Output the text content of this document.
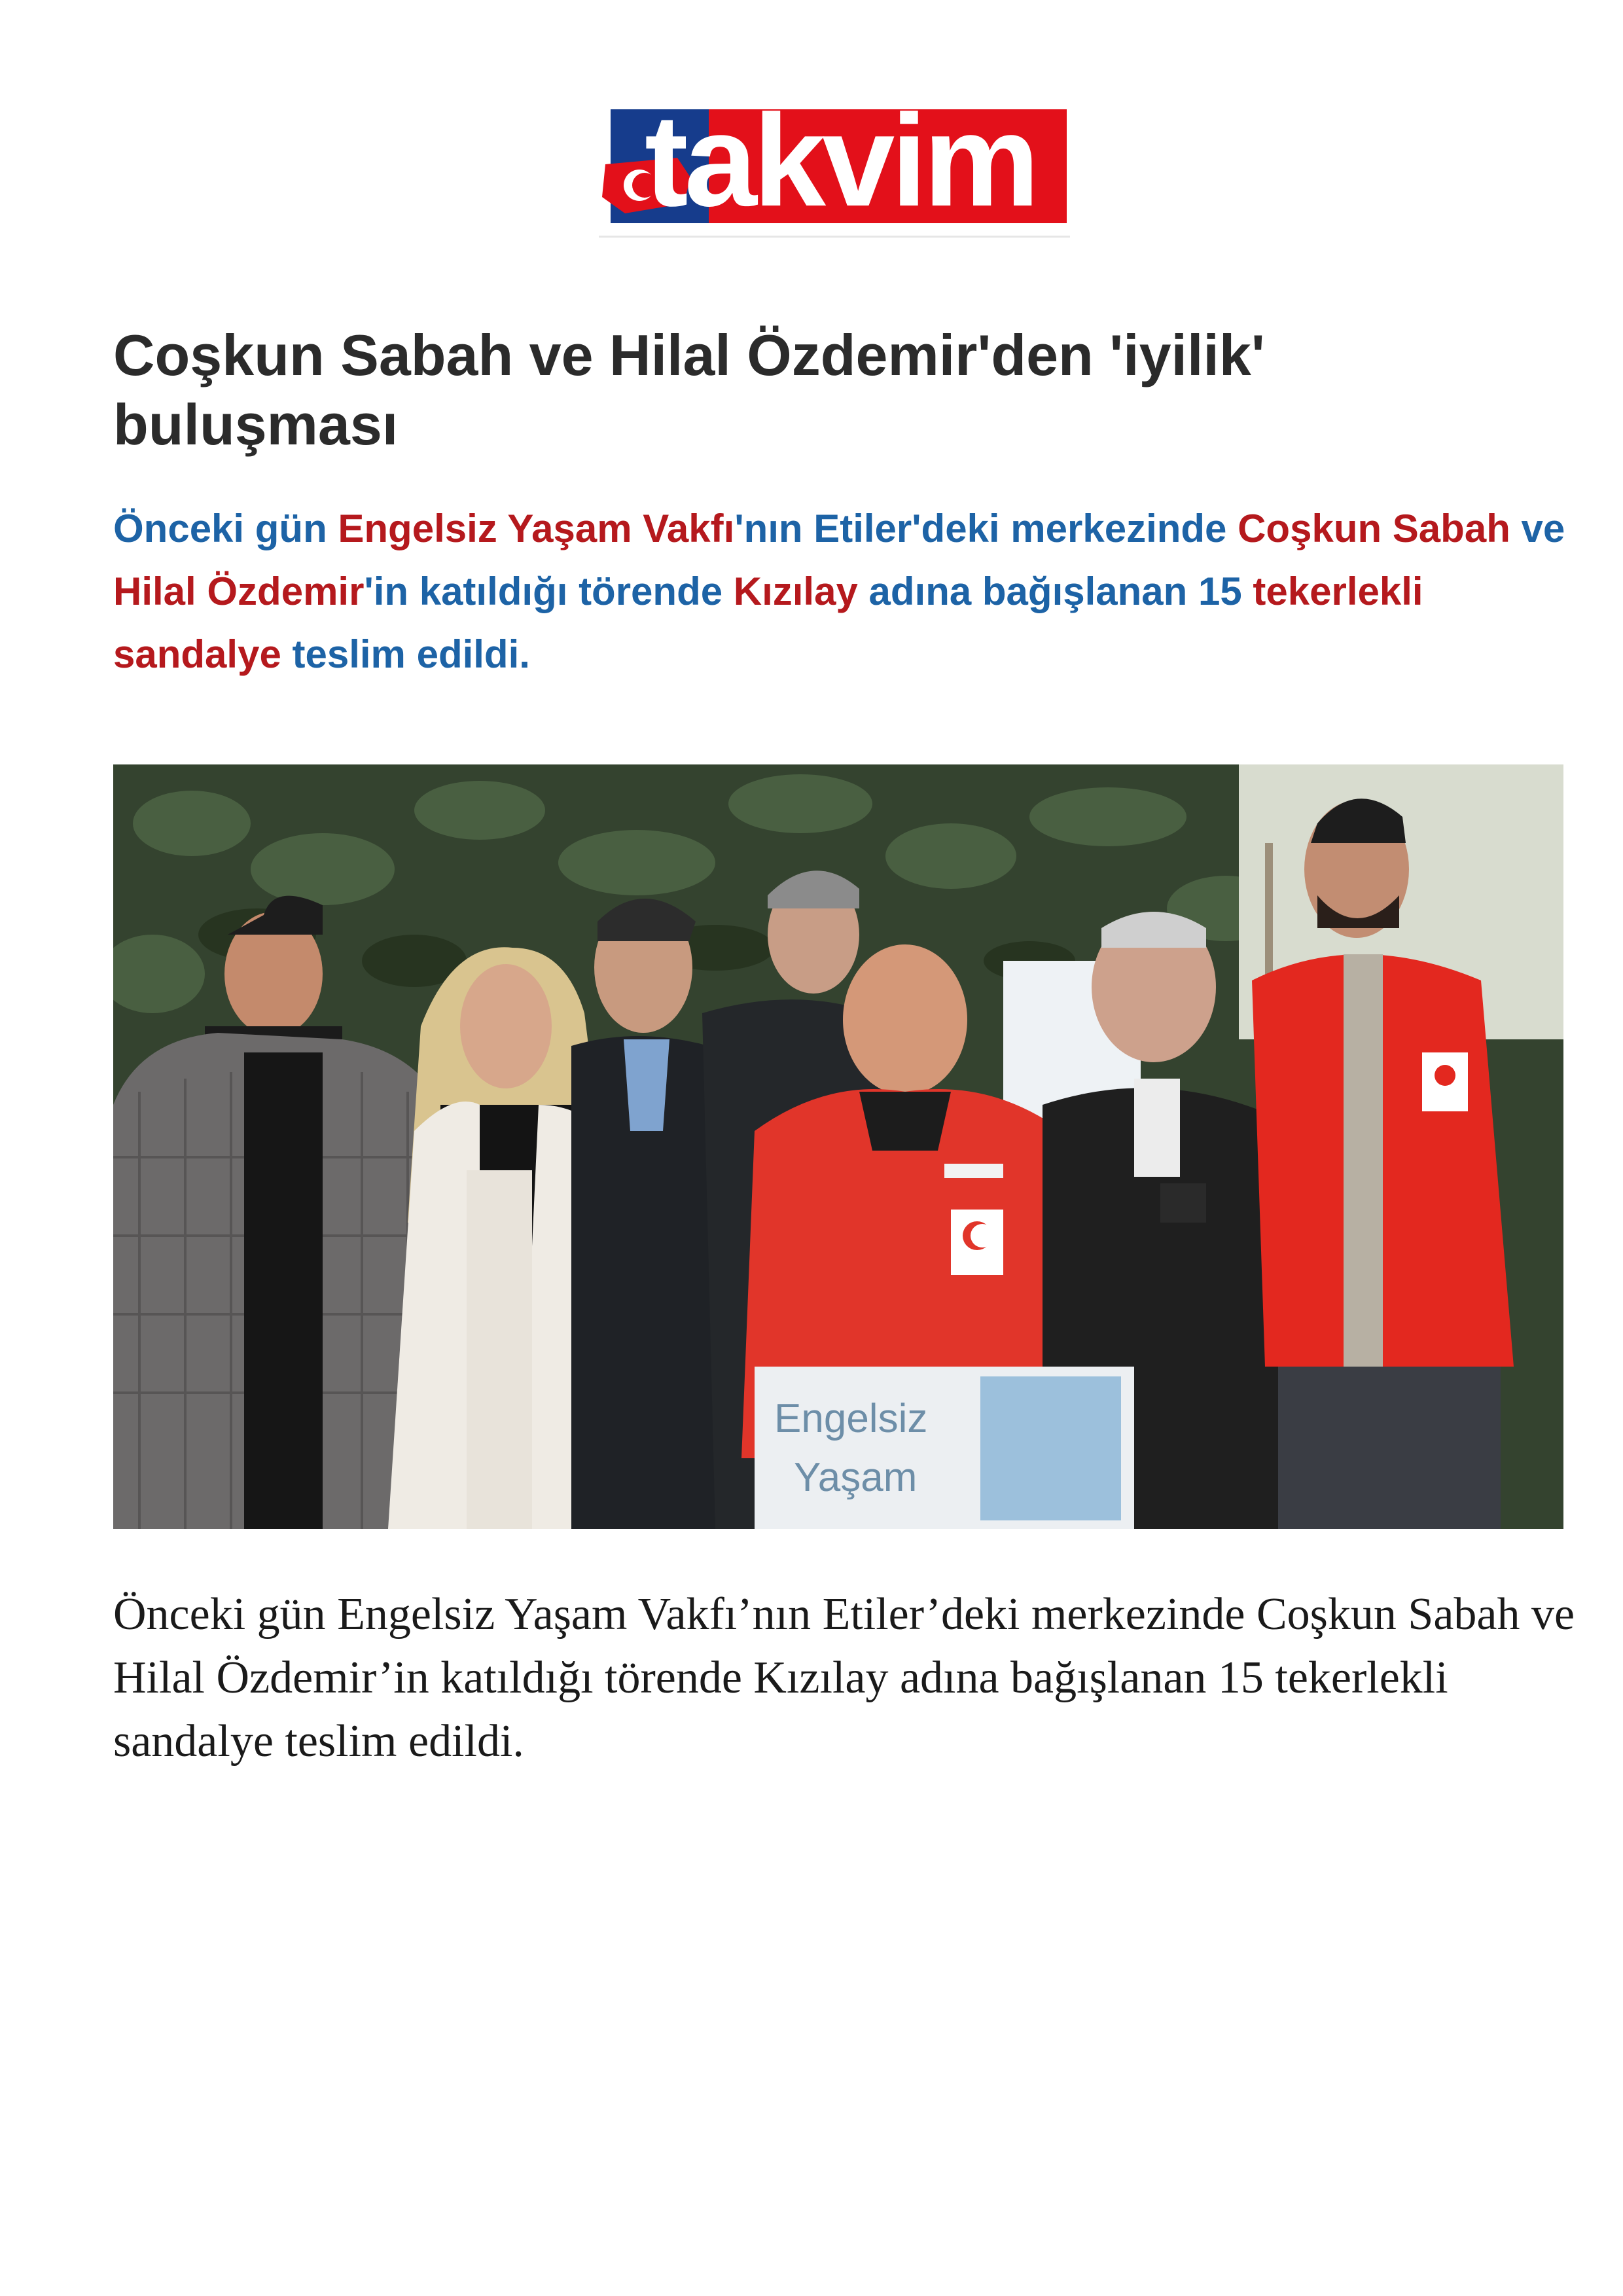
takvim
Coşkun Sabah ve Hilal Özdemir'den 'iyilik' buluşması

Önceki gün Engelsiz Yaşam Vakfı'nın Etiler'deki merkezinde Coşkun Sabah ve Hilal Özdemir'in katıldığı törende Kızılay adına bağışlanan 15 tekerlekli sandalye teslim edildi.

Engelsiz
Yaşam

Önceki gün Engelsiz Yaşam Vakfı’nın Etiler’deki merkezinde Coşkun Sabah ve Hilal Özdemir’in katıldığı törende Kızılay adına bağışlanan 15 tekerlekli sandalye teslim edildi.
